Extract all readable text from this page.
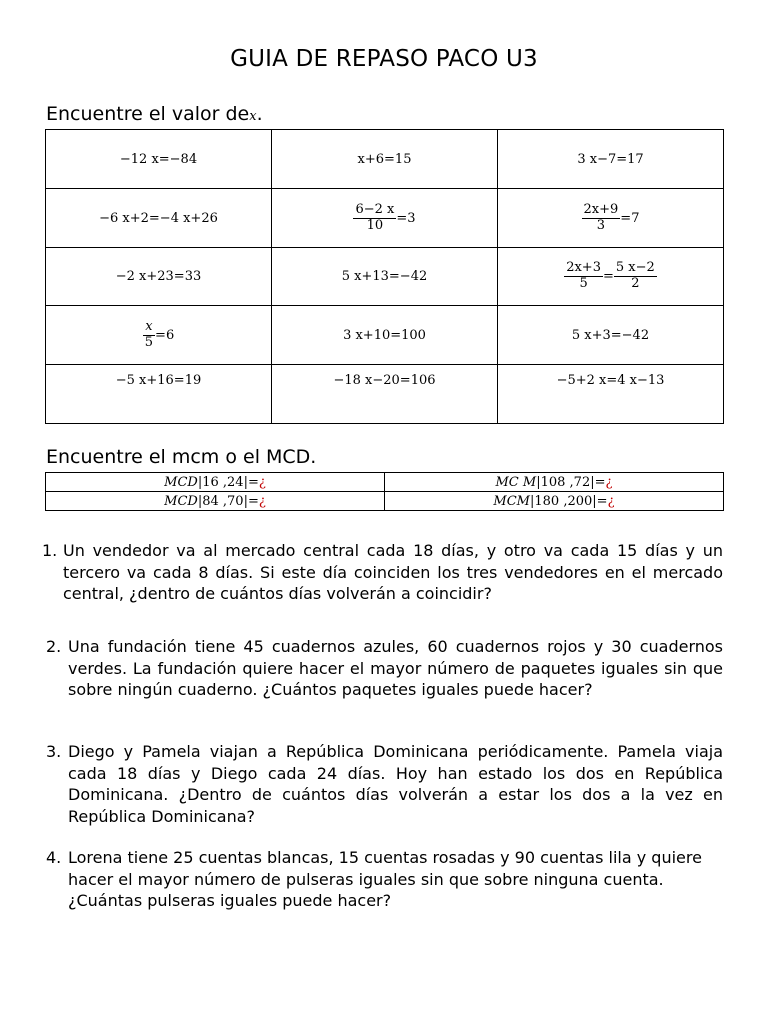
GUIA DE REPASO PACO U3
Encuentre el valor dex.
−12 x=−84	x+6=15	3 x−7=17
−6 x+2=−4 x+26	$\frac{6-2 x}{10} =3$	$\frac{2x+9}{3} =7$
−2 x+23=33	5 x+13=−42	$\frac{2x+3}{5} = \frac{5 x-2}{2}$

$\frac{x}{5} =6$	3 x+10=100	5 x+3=−42
−5 x+16=19	−18 x−20=106	−5+2 x=4 x−13
Encuentre el mcm o el MCD.
MCD|16 ,24|=¿	MC M|108 ,72|=¿
MCD|84 ,70|=¿	MCM|180 ,200|=¿
1. Un vendedor va al mercado central cada 18 días, y otro va cada 15 días y un tercero va cada 8 días. Si este día coinciden los tres vendedores en el mercado central, ¿dentro de cuántos días volverán a coincidir?
2. Una fundación tiene 45 cuadernos azules, 60 cuadernos rojos y 30 cuadernos verdes. La fundación quiere hacer el mayor número de paquetes iguales sin que sobre ningún cuaderno. ¿Cuántos paquetes iguales puede hacer?
3. Diego y Pamela viajan a República Dominicana periódicamente. Pamela viaja cada 18 días y Diego cada 24 días. Hoy han estado los dos en República Dominicana. ¿Dentro de cuántos días volverán a estar los dos a la vez en República Dominicana?
4. Lorena tiene 25 cuentas blancas, 15 cuentas rosadas y 90 cuentas lila y quiere hacer el mayor número de pulseras iguales sin que sobre ninguna cuenta. ¿Cuántas pulseras iguales puede hacer?
